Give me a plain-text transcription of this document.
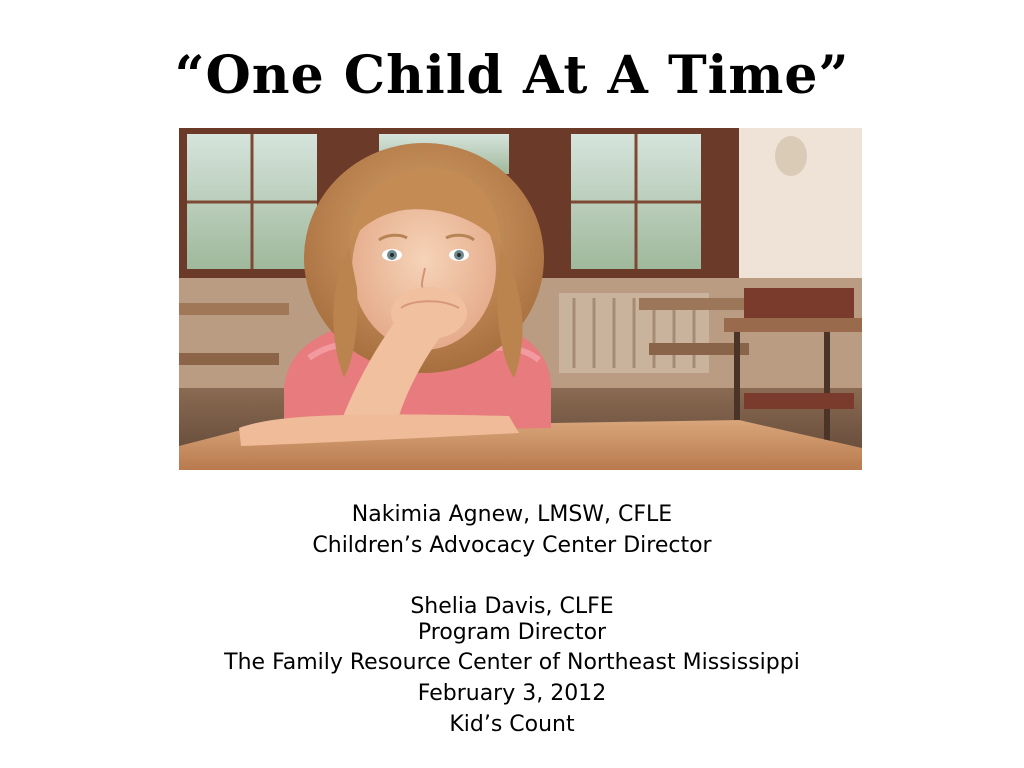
“One Child At A Time”
Nakimia Agnew, LMSW, CFLE
Children’s Advocacy Center Director
Shelia Davis, CLFE
Program Director
The Family Resource Center of Northeast Mississippi
February 3, 2012
Kid’s Count
